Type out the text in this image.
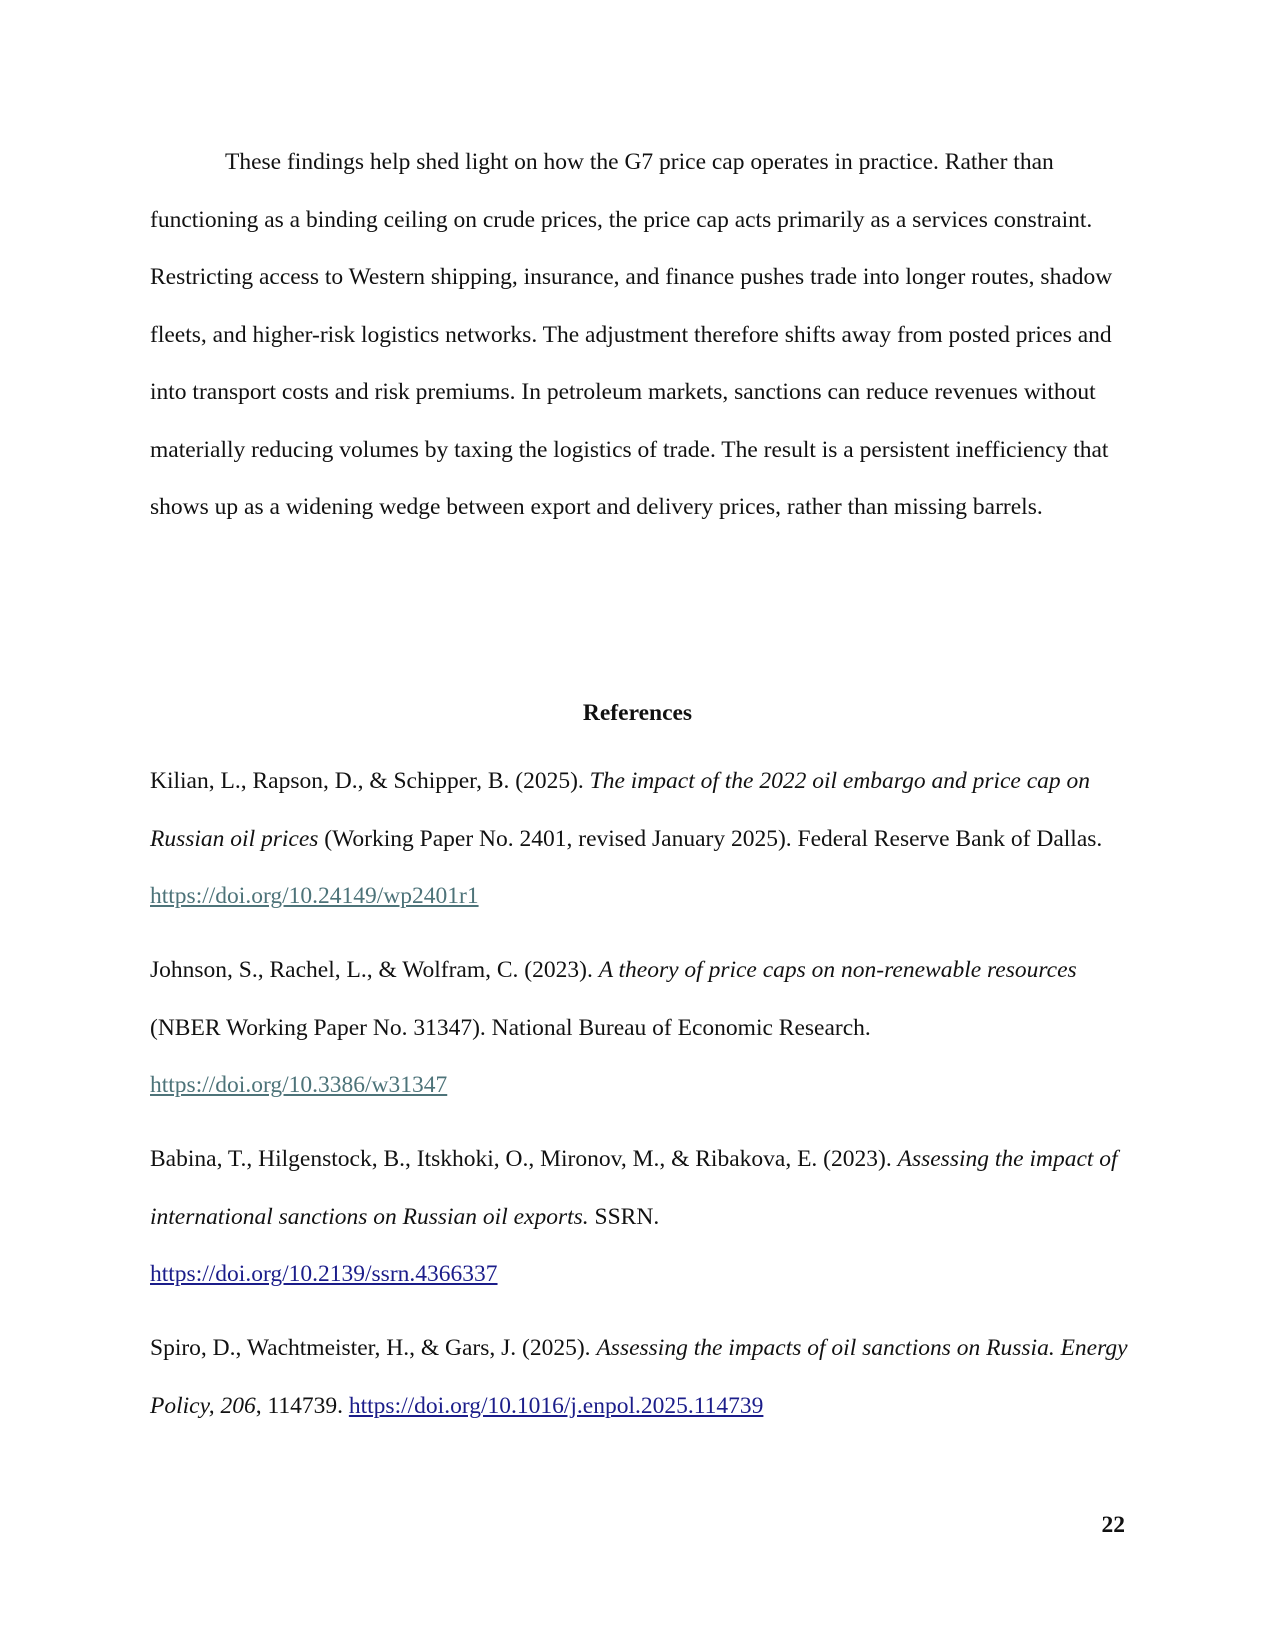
These findings help shed light on how the G7 price cap operates in practice. Rather than functioning as a binding ceiling on crude prices, the price cap acts primarily as a services constraint. Restricting access to Western shipping, insurance, and finance pushes trade into longer routes, shadow fleets, and higher-risk logistics networks. The adjustment therefore shifts away from posted prices and into transport costs and risk premiums. In petroleum markets, sanctions can reduce revenues without materially reducing volumes by taxing the logistics of trade. The result is a persistent inefficiency that shows up as a widening wedge between export and delivery prices, rather than missing barrels.

References

Kilian, L., Rapson, D., & Schipper, B. (2025). The impact of the 2022 oil embargo and price cap on Russian oil prices (Working Paper No. 2401, revised January 2025). Federal Reserve Bank of Dallas. https://doi.org/10.24149/wp2401r1

Johnson, S., Rachel, L., & Wolfram, C. (2023). A theory of price caps on non-renewable resources (NBER Working Paper No. 31347). National Bureau of Economic Research.
https://doi.org/10.3386/w31347

Babina, T., Hilgenstock, B., Itskhoki, O., Mironov, M., & Ribakova, E. (2023). Assessing the impact of international sanctions on Russian oil exports. SSRN.
https://doi.org/10.2139/ssrn.4366337

Spiro, D., Wachtmeister, H., & Gars, J. (2025). Assessing the impacts of oil sanctions on Russia. Energy Policy, 206, 114739. https://doi.org/10.1016/j.enpol.2025.114739

22
